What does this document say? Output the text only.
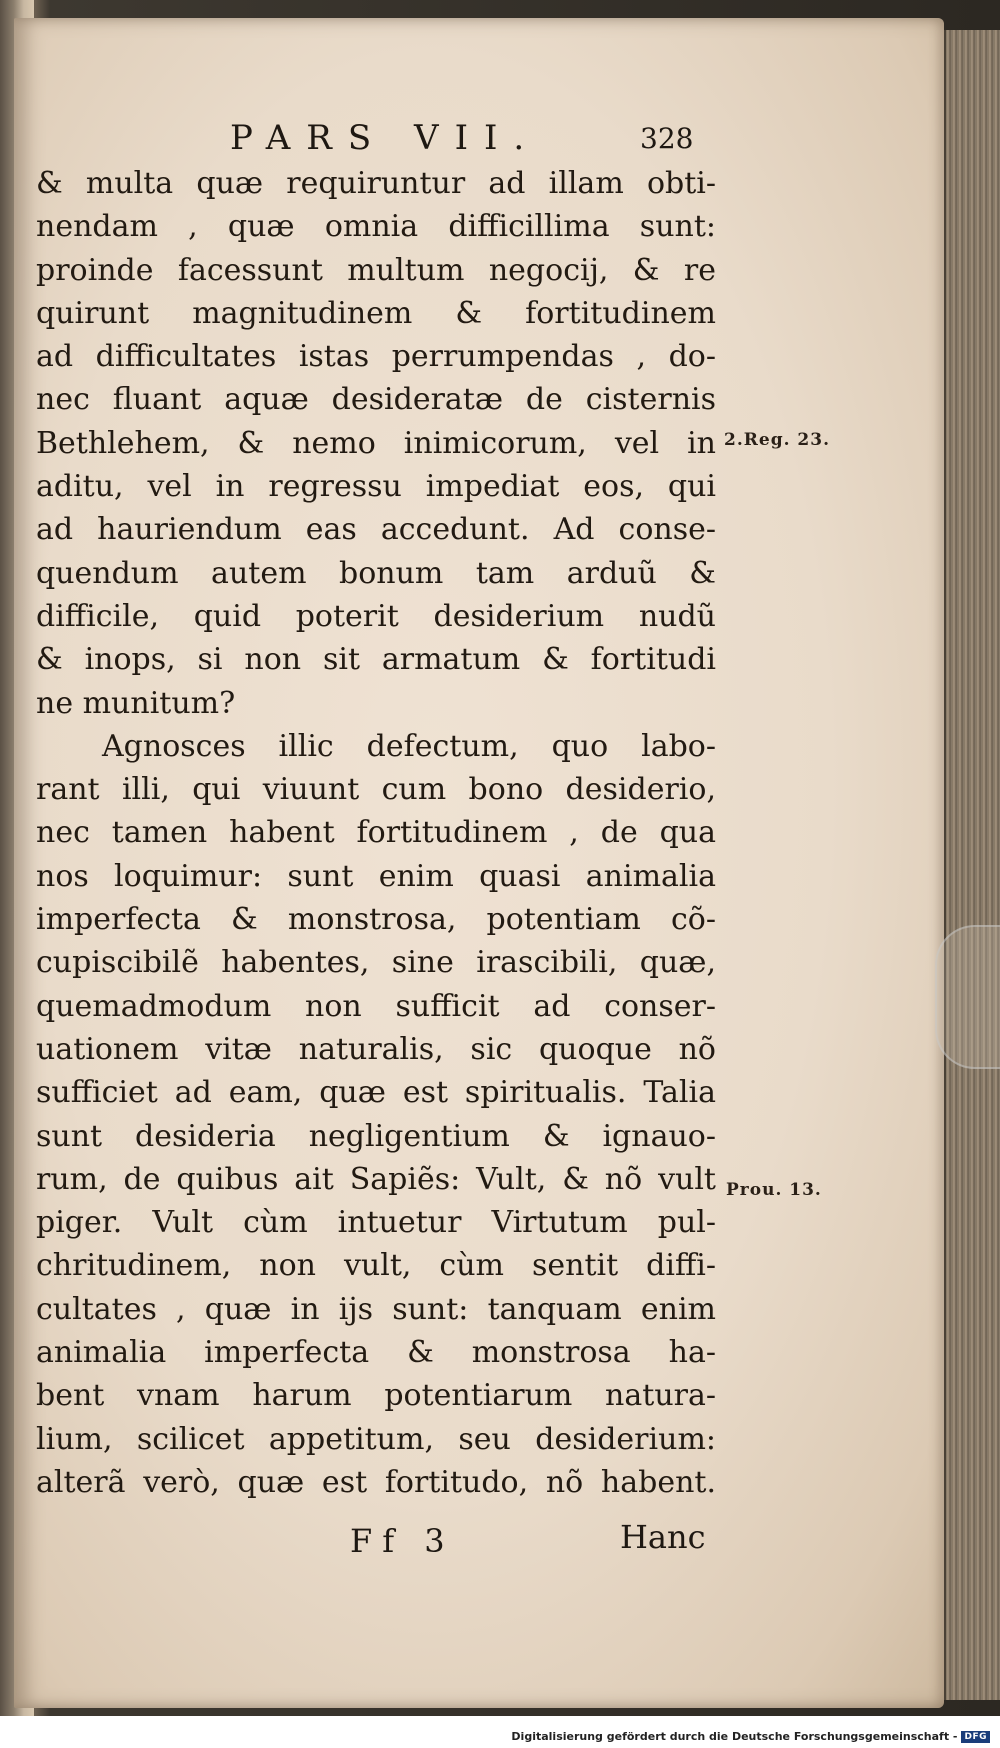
PARS VII.	328
& multa quæ requiruntur ad illam obti-
nendam , quæ omnia difficillima sunt:
proinde facessunt multum negocij, & re
quirunt magnitudinem & fortitudinem
ad difficultates istas perrumpendas , do-
nec fluant aquæ desideratæ de cisternis
Bethlehem, & nemo inimicorum, vel in
aditu, vel in regressu impediat eos, qui
ad hauriendum eas accedunt. Ad conse-
quendum autem bonum tam arduũ &
difficile, quid poterit desiderium nudũ
& inops, si non sit armatum & fortitudi
ne munitum?
Agnosces illic defectum, quo labo-
rant illi, qui viuunt cum bono desiderio,
nec tamen habent fortitudinem , de qua
nos loquimur: sunt enim quasi animalia
imperfecta & monstrosa, potentiam cõ-
cupiscibilẽ habentes, sine irascibili, quæ,
quemadmodum non sufficit ad conser-
uationem vitæ naturalis, sic quoque nõ
sufficiet ad eam, quæ est spiritualis. Talia
sunt desideria negligentium & ignauo-
rum, de quibus ait Sapiẽs: Vult, & nõ vult
piger. Vult cùm intuetur Virtutum pul-
chritudinem, non vult, cùm sentit diffi-
cultates , quæ in ijs sunt: tanquam enim
animalia imperfecta & monstrosa ha-
bent vnam harum potentiarum natura-
lium, scilicet appetitum, seu desiderium:
alterã verò, quæ est fortitudo, nõ habent.
2.Reg. 23.
Prou. 13.
Ff 3	Hanc
Digitalisierung gefördert durch die Deutsche Forschungsgemeinschaft - DFG
